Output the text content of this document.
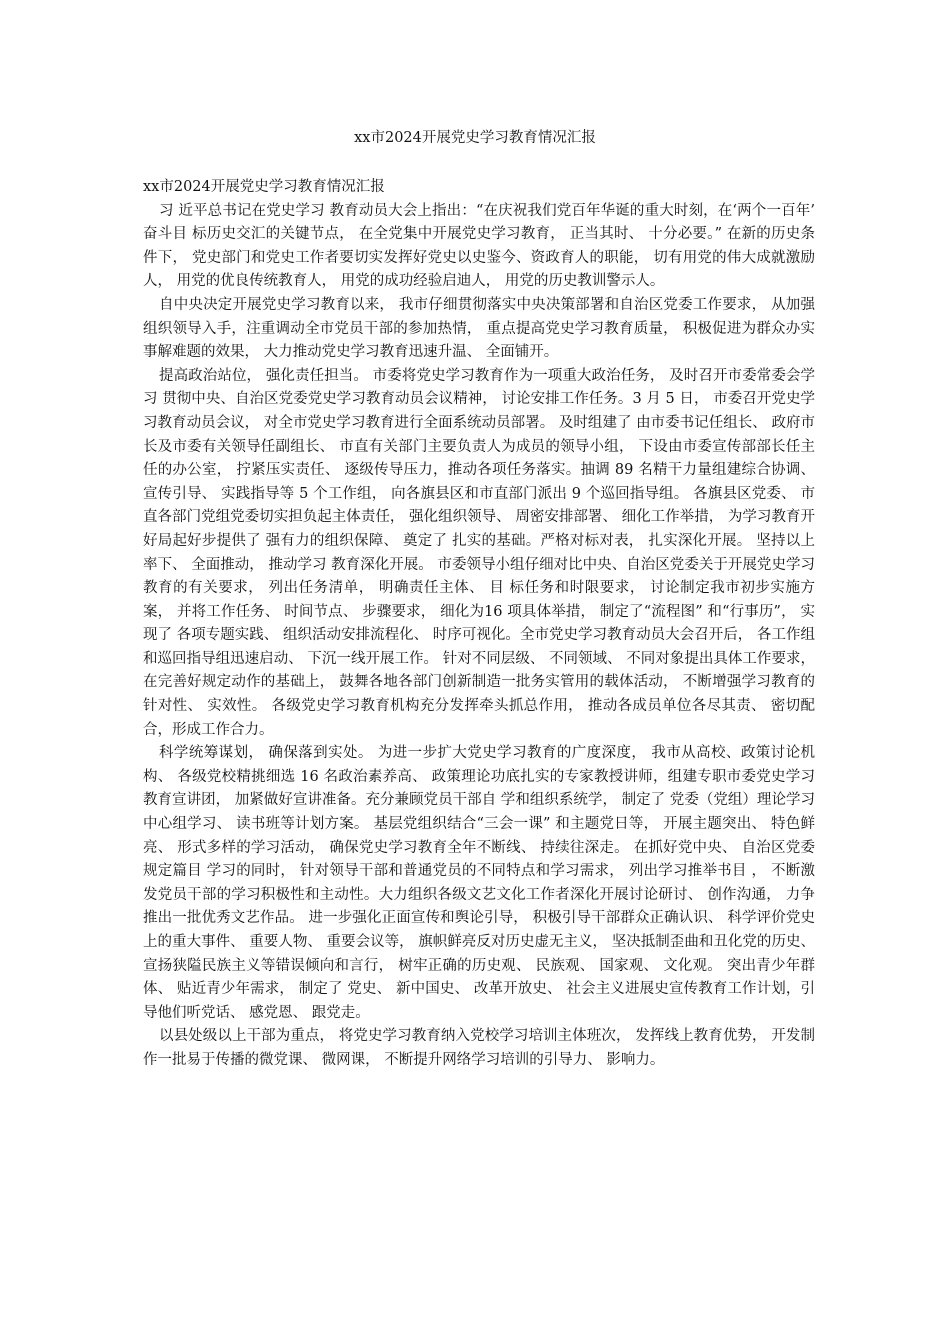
xx市2024开展党史学习教育情况汇报

xx市2024开展党史学习教育情况汇报

习 近平总书记在党史学习 教育动员大会上指出：“在庆祝我们党百年华诞的重大时刻，在‘两个一百年’ 奋斗目 标历史交汇的关键节点， 在全党集中开展党史学习教育， 正当其时、 十分必要。” 在新的历史条件下， 党史部门和党史工作者要切实发挥好党史以史鉴今、资政育人的职能， 切有用党的伟大成就激励人， 用党的优良传统教育人， 用党的成功经验启迪人， 用党的历史教训警示人。

自中央决定开展党史学习教育以来， 我市仔细贯彻落实中央决策部署和自治区党委工作要求， 从加强组织领导入手，注重调动全市党员干部的参加热情， 重点提高党史学习教育质量， 积极促进为群众办实事解难题的效果， 大力推动党史学习教育迅速升温、 全面铺开。

提高政治站位， 强化责任担当。 市委将党史学习教育作为一项重大政治任务， 及时召开市委常委会学习 贯彻中央、自治区党委党史学习教育动员会议精神， 讨论安排工作任务。3 月 5 日， 市委召开党史学习教育动员会议， 对全市党史学习教育进行全面系统动员部署。 及时组建了 由市委书记任组长、 政府市长及市委有关领导任副组长、 市直有关部门主要负责人为成员的领导小组， 下设由市委宣传部部长任主任的办公室， 拧紧压实责任、 逐级传导压力，推动各项任务落实。抽调 89 名精干力量组建综合协调、 宣传引导、 实践指导等 5 个工作组， 向各旗县区和市直部门派出 9 个巡回指导组。 各旗县区党委、 市直各部门党组党委切实担负起主体责任， 强化组织领导、 周密安排部署、 细化工作举措， 为学习教育开好局起好步提供了 强有力的组织保障、 奠定了 扎实的基础。严格对标对表， 扎实深化开展。 坚持以上率下、 全面推动， 推动学习 教育深化开展。 市委领导小组仔细对比中央、自治区党委关于开展党史学习教育的有关要求， 列出任务清单， 明确责任主体、 目 标任务和时限要求， 讨论制定我市初步实施方案， 并将工作任务、 时间节点、 步骤要求， 细化为16 项具体举措， 制定了“流程图” 和“行事历”， 实现了 各项专题实践、 组织活动安排流程化、 时序可视化。全市党史学习教育动员大会召开后， 各工作组和巡回指导组迅速启动、 下沉一线开展工作。 针对不同层级、 不同领域、 不同对象提出具体工作要求， 在完善好规定动作的基础上， 鼓舞各地各部门创新制造一批务实管用的载体活动， 不断增强学习教育的针对性、 实效性。 各级党史学习教育机构充分发挥牵头抓总作用， 推动各成员单位各尽其责、 密切配合，形成工作合力。

科学统筹谋划， 确保落到实处。 为进一步扩大党史学习教育的广度深度， 我市从高校、政策讨论机构、 各级党校精挑细选 16 名政治素养高、 政策理论功底扎实的专家教授讲师，组建专职市委党史学习教育宣讲团， 加紧做好宣讲准备。充分兼顾党员干部自 学和组织系统学， 制定了 党委（党组）理论学习中心组学习、 读书班等计划方案。 基层党组织结合“三会一课” 和主题党日等， 开展主题突出、 特色鲜亮、 形式多样的学习活动， 确保党史学习教育全年不断线、 持续往深走。 在抓好党中央、 自治区党委规定篇目 学习的同时， 针对领导干部和普通党员的不同特点和学习需求， 列出学习推举书目 ， 不断激发党员干部的学习积极性和主动性。大力组织各级文艺文化工作者深化开展讨论研讨、 创作沟通， 力争推出一批优秀文艺作品。 进一步强化正面宣传和舆论引导， 积极引导干部群众正确认识、 科学评价党史上的重大事件、 重要人物、 重要会议等， 旗帜鲜亮反对历史虚无主义， 坚决抵制歪曲和丑化党的历史、 宣扬狭隘民族主义等错误倾向和言行， 树牢正确的历史观、 民族观、 国家观、 文化观。 突出青少年群体、 贴近青少年需求， 制定了 党史、 新中国史、 改革开放史、 社会主义进展史宣传教育工作计划，引导他们听党话、 感党恩、 跟党走。

以县处级以上干部为重点， 将党史学习教育纳入党校学习培训主体班次， 发挥线上教育优势， 开发制作一批易于传播的微党课、 微网课， 不断提升网络学习培训的引导力、 影响力。
